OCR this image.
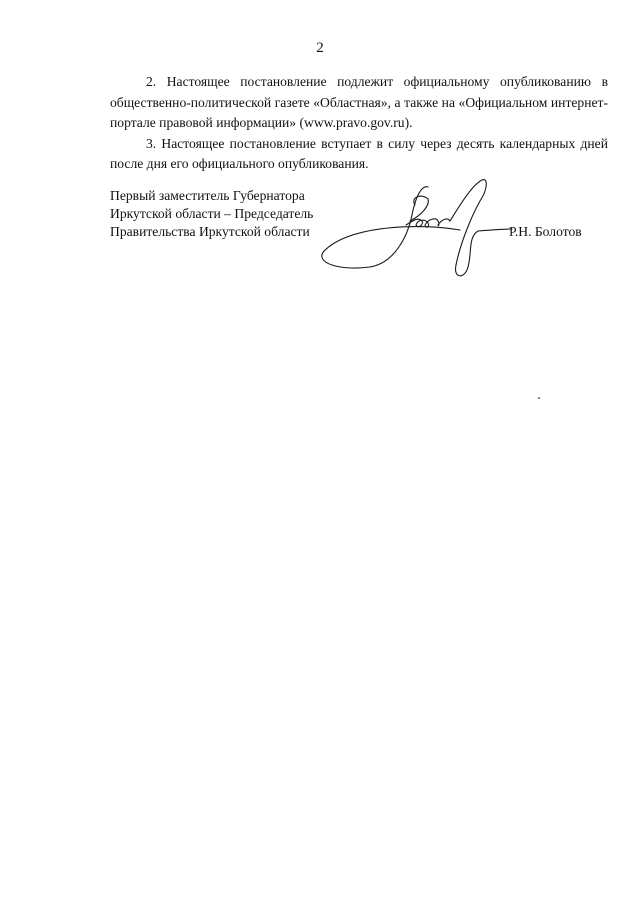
2

2. Настоящее постановление подлежит официальному опубликованию в общественно-политической газете «Областная», а также на «Официальном интернет-портале правовой информации» (www.pravo.gov.ru).

3. Настоящее постановление вступает в силу через десять календарных дней после дня его официального опубликования.

Первый заместитель Губернатора
Иркутской области – Председатель
Правительства Иркутской области	Р.Н. Болотов
